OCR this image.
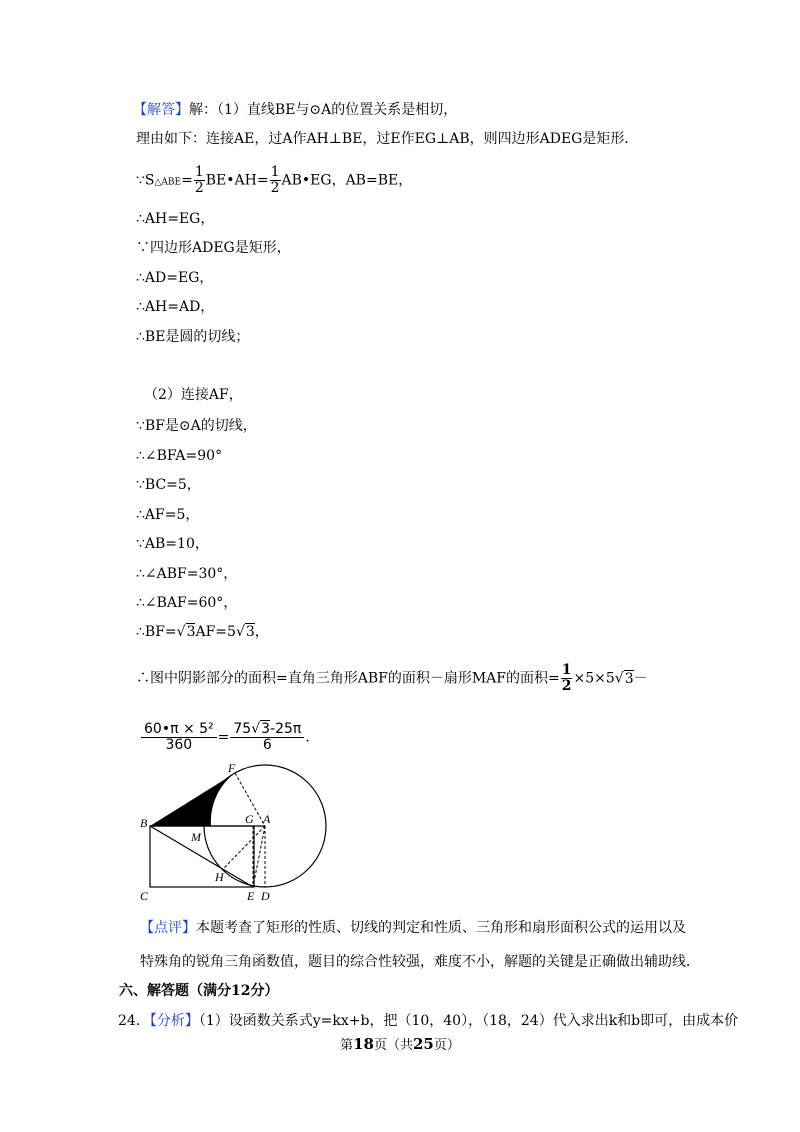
【解答】解：（1）直线BE与⊙A的位置关系是相切，
理由如下：连接AE，过A作AH⊥BE，过E作EG⊥AB，则四边形ADEG是矩形．
∵S△ABE= $\frac{1}{2}$ BE•AH= $\frac{1}{2}$ AB•EG，AB=BE，
∴AH=EG，
∵四边形ADEG是矩形，
∴AD=EG，
∴AH=AD，
∴BE是圆的切线；
（2）连接AF，
∵BF是⊙A的切线，
∴∠BFA=90°
∵BC=5，
∴AF=5，
∵AB=10，
∴∠ABF=30°，
∴∠BAF=60°，
∴BF=√3AF=5√3，
∴图中阴影部分的面积=直角三角形ABF的面积－扇形MAF的面积= $\frac{1}{2} \times 5\times 5√3-$
$\frac{\text{60•π × 5²}}{360} = \frac{75√3-25\pi}{6}$ ．
F
B
M
G A
H
C	E D
【点评】本题考查了矩形的性质、切线的判定和性质、三角形和扇形面积公式的运用以及
特殊角的锐角三角函数值，题目的综合性较强，难度不小，解题的关键是正确做出辅助线．
六、解答题（满分12分）
24．【分析】（1）设函数关系式y=kx+b，把（10，40），（18，24）代入求出k和b即可，由成本价
第18页（共25页）
